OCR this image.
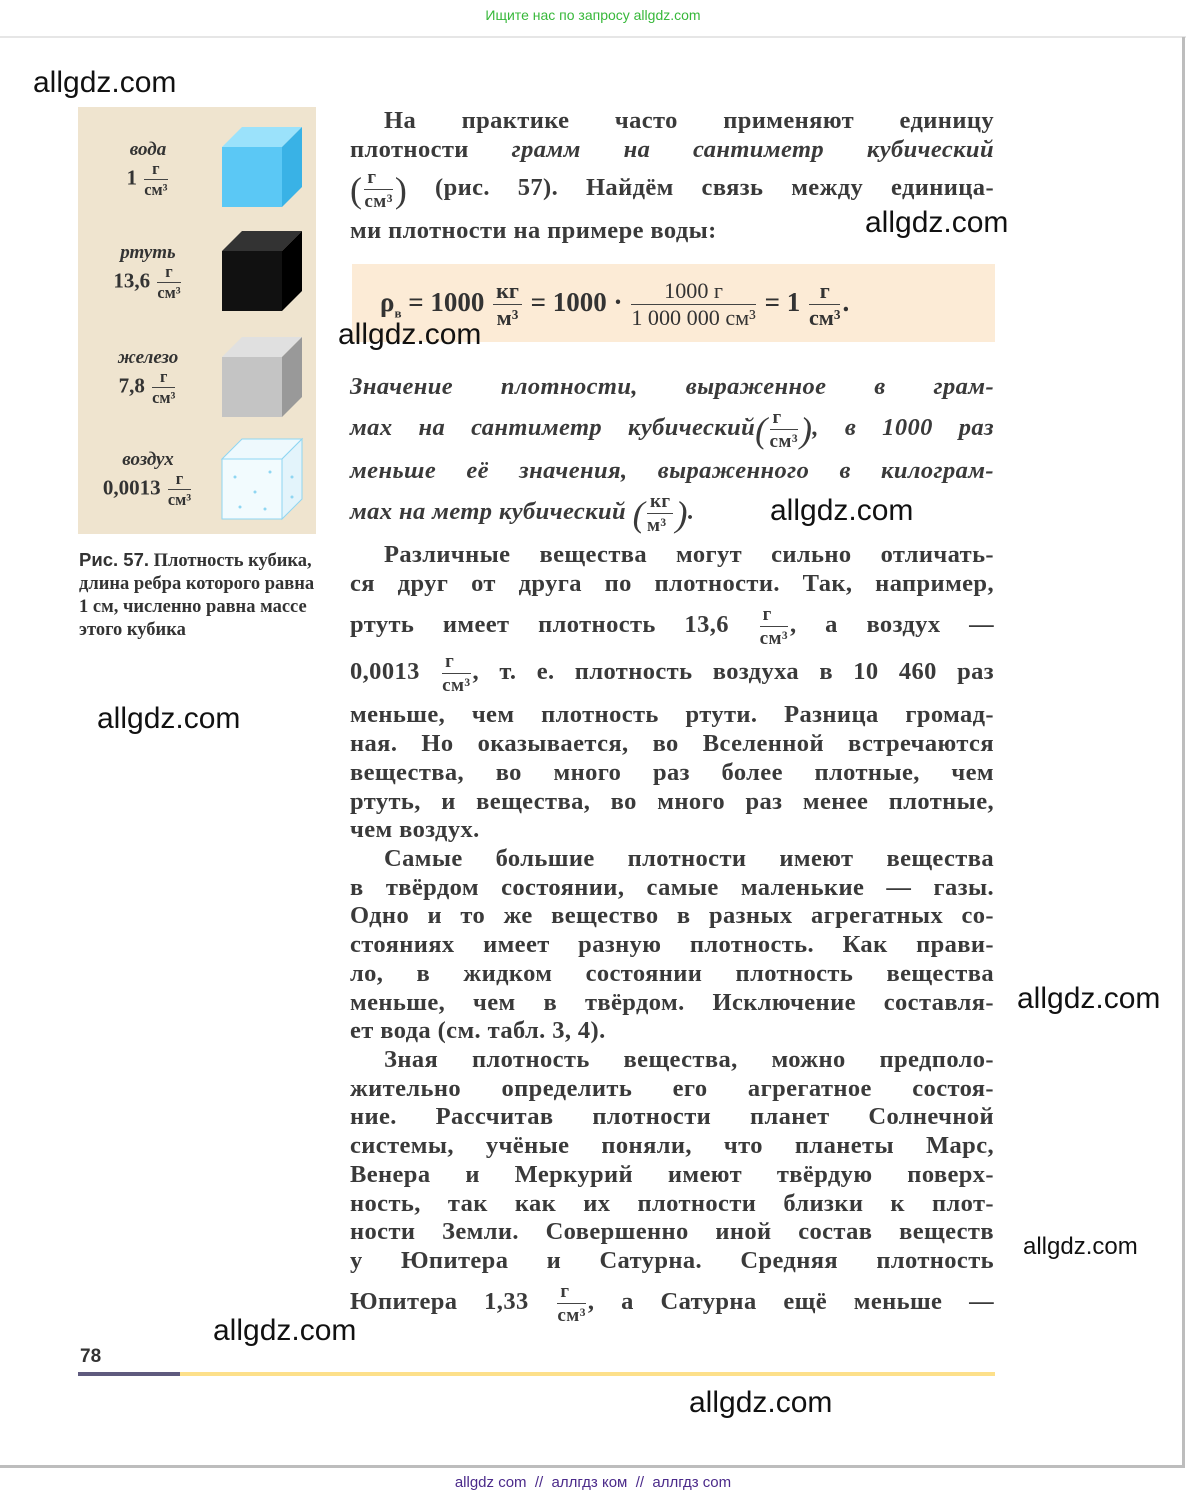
Ищите нас по запросу allgdz.com
вода
1 г
см³
ртуть
13,6 г
см³
железо
7,8 г
см³
воздух
0,0013 г
см³
Рис. 57. Плотность кубика, длина ребра которого равна 1 см, численно равна массе этого кубика
На практике часто применяют единицу
плотности грамм на сантиметр кубический
( г
см³ ) (рис. 57). Найдём связь между единица-
ми плотности на примере воды:
$\rho_в = 1000$ кг
м³
= 1000 ·	1000 г
1 000 000 см³
= 1 г
см³
.
Значение плотности, выраженное в грам-
мах на сантиметр кубический( г
см³ ), в 1000 раз
меньше её значения, выраженного в килограм-
мах на метр кубический ( кг
м³ ).
Различные вещества могут сильно отличать-
ся друг от друга по плотности. Так, например,
ртуть имеет плотность 13,6 г
см³
, а воздух —
0,0013 г
см³
, т. е. плотность воздуха в 10 460 раз
меньше, чем плотность ртути. Разница громад-
ная. Но оказывается, во Вселенной встречаются
вещества, во много раз более плотные, чем
ртуть, и вещества, во много раз менее плотные,
чем воздух.
Самые большие плотности имеют вещества
в твёрдом состоянии, самые маленькие — газы.
Одно и то же вещество в разных агрегатных со-
стояниях имеет разную плотность. Как прави-
ло, в жидком состоянии плотность вещества
меньше, чем в твёрдом. Исключение составля-
ет вода (см. табл. 3, 4).
Зная плотность вещества, можно предполо-
жительно определить его агрегатное состоя-
ние. Рассчитав плотности планет Солнечной
системы, учёные поняли, что планеты Марс,
Венера и Меркурий имеют твёрдую поверх-
ность, так как их плотности близки к плот-
ности Земли. Совершенно иной состав веществ
у Юпитера и Сатурна. Средняя плотность
Юпитера 1,33 г
см³
, а Сатурна ещё меньше —
78
allgdz.com
allgdz.com
allgdz.com
allgdz.com
allgdz.com
allgdz.com
allgdz.com
allgdz.com
allgdz.com
allgdz com  //  аллгдз ком  //  аллгдз com
